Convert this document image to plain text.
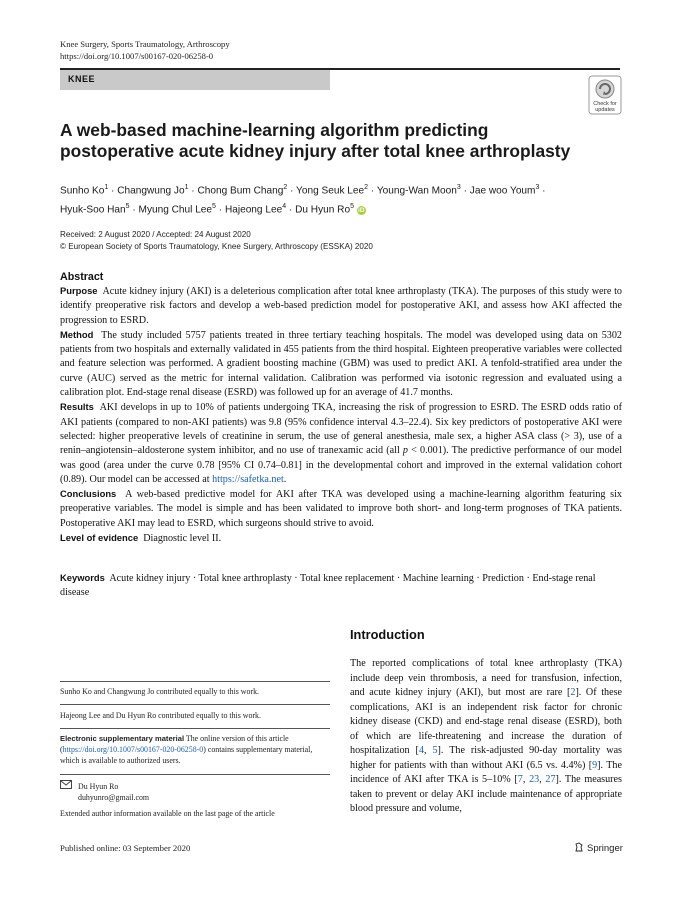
Knee Surgery, Sports Traumatology, Arthroscopy
https://doi.org/10.1007/s00167-020-06258-0
KNEE
Check for
updates
A web-based machine-learning algorithm predicting postoperative acute kidney injury after total knee arthroplasty
Sunho $Ko^1$ · Changwung $Jo^1$ · Chong Bum Chang$^2$ · Yong Seuk Lee$^2$ · Young-Wan Moon$^3$ · Jae woo Youm$^3$ ·
Hyuk-Soo Han$^5$ · Myung Chul Lee$^5$ · Hajeong Lee$^4$ · Du Hyun Ro$^5$ iD
Received: 2 August 2020 / Accepted: 24 August 2020
© European Society of Sports Traumatology, Knee Surgery, Arthroscopy (ESSKA) 2020
Abstract

Purpose Acute kidney injury (AKI) is a deleterious complication after total knee arthroplasty (TKA). The purposes of this study were to identify preoperative risk factors and develop a web-based prediction model for postoperative AKI, and assess how AKI affected the progression to ESRD.

Method The study included 5757 patients treated in three tertiary teaching hospitals. The model was developed using data on 5302 patients from two hospitals and externally validated in 455 patients from the third hospital. Eighteen preoperative variables were collected and feature selection was performed. A gradient boosting machine (GBM) was used to predict AKI. A tenfold-stratified area under the curve (AUC) served as the metric for internal validation. Calibration was performed via isotonic regression and evaluated using a calibration plot. End-stage renal disease (ESRD) was followed up for an average of 41.7 months.

Results AKI develops in up to 10% of patients undergoing TKA, increasing the risk of progression to ESRD. The ESRD odds ratio of AKI patients (compared to non-AKI patients) was 9.8 (95% confidence interval 4.3–22.4). Six key predictors of postoperative AKI were selected: higher preoperative levels of creatinine in serum, the use of general anesthesia, male sex, a higher ASA class (> 3), use of a renin–angiotensin–aldosterone system inhibitor, and no use of tranexamic acid (all p < 0.001). The predictive performance of our model was good (area under the curve 0.78 [95% CI 0.74–0.81] in the developmental cohort and improved in the external validation cohort (0.89). Our model can be accessed at https://safetka.net.

Conclusions A web-based predictive model for AKI after TKA was developed using a machine-learning algorithm featuring six preoperative variables. The model is simple and has been validated to improve both short- and long-term prognoses of TKA patients. Postoperative AKI may lead to ESRD, which surgeons should strive to avoid.

Level of evidence Diagnostic level II.

Keywords Acute kidney injury · Total knee arthroplasty · Total knee replacement · Machine learning · Prediction · End-stage renal disease
Introduction
The reported complications of total knee arthroplasty (TKA) include deep vein thrombosis, a need for transfusion, infection, and acute kidney injury (AKI), but most are rare [2]. Of these complications, AKI is an independent risk factor for chronic kidney disease (CKD) and end-stage renal disease (ESRD), both of which are life-threatening and increase the duration of hospitalization [4, 5]. The risk-adjusted 90-day mortality was higher for patients with than without AKI (6.5 vs. 4.4%) [9]. The incidence of AKI after TKA is 5–10% [7, 23, 27]. The measures taken to prevent or delay AKI include maintenance of appropriate blood pressure and volume,
Sunho Ko and Changwung Jo contributed equally to this work.
Hajeong Lee and Du Hyun Ro contributed equally to this work.
Electronic supplementary material The online version of this article (https://doi.org/10.1007/s00167-020-06258-0) contains supplementary material, which is available to authorized users.
Du Hyun Ro
duhyunro@gmail.com
Extended author information available on the last page of the article
Published online: 03 September 2020	Springer
